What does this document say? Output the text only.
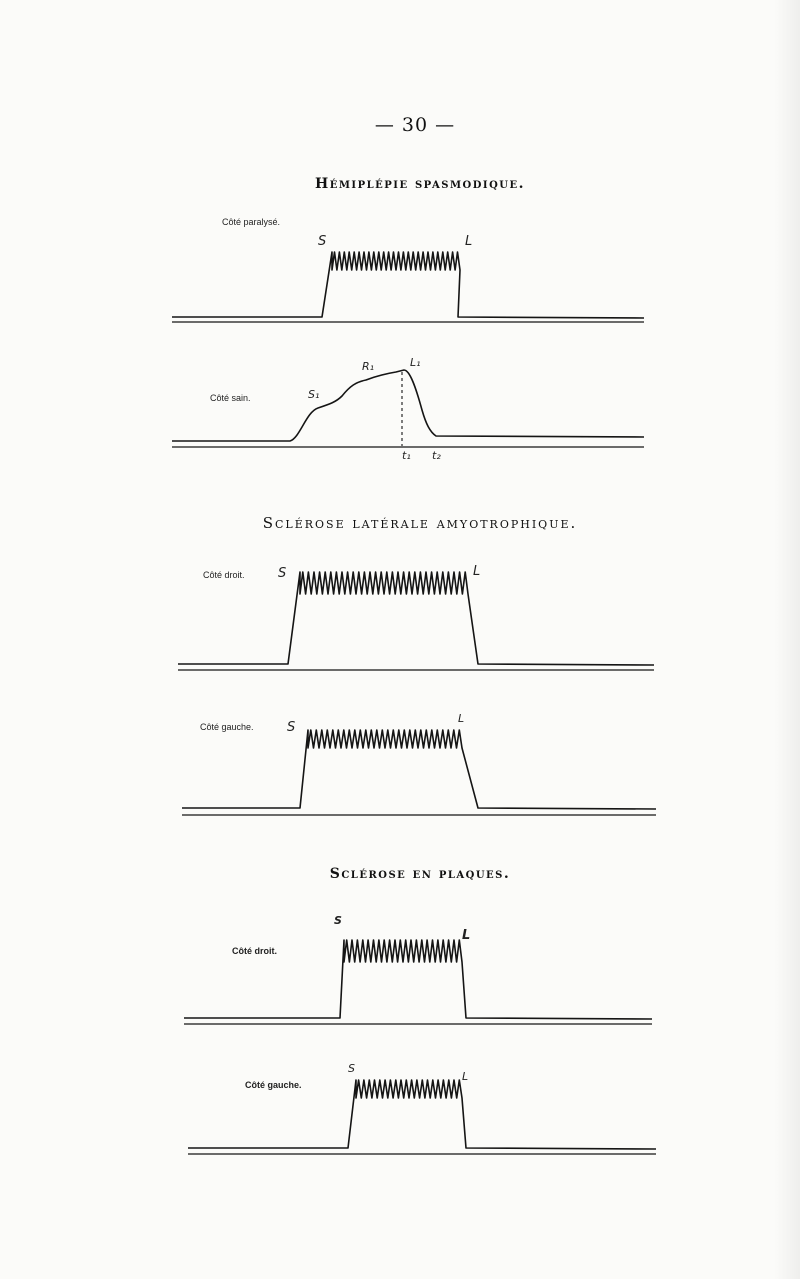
— 30 —
Hémiplépie spasmodique.
Côté paralysé.
S	L
Côté sain.	S₁
R₁	L₁
t₁ t₂
Sclérose latérale amyotrophique.
Côté droit.	S	L
Côté gauche.	S
L
Sclérose en plaques.
Côté droit.
S
L
Côté gauche.
S
L
